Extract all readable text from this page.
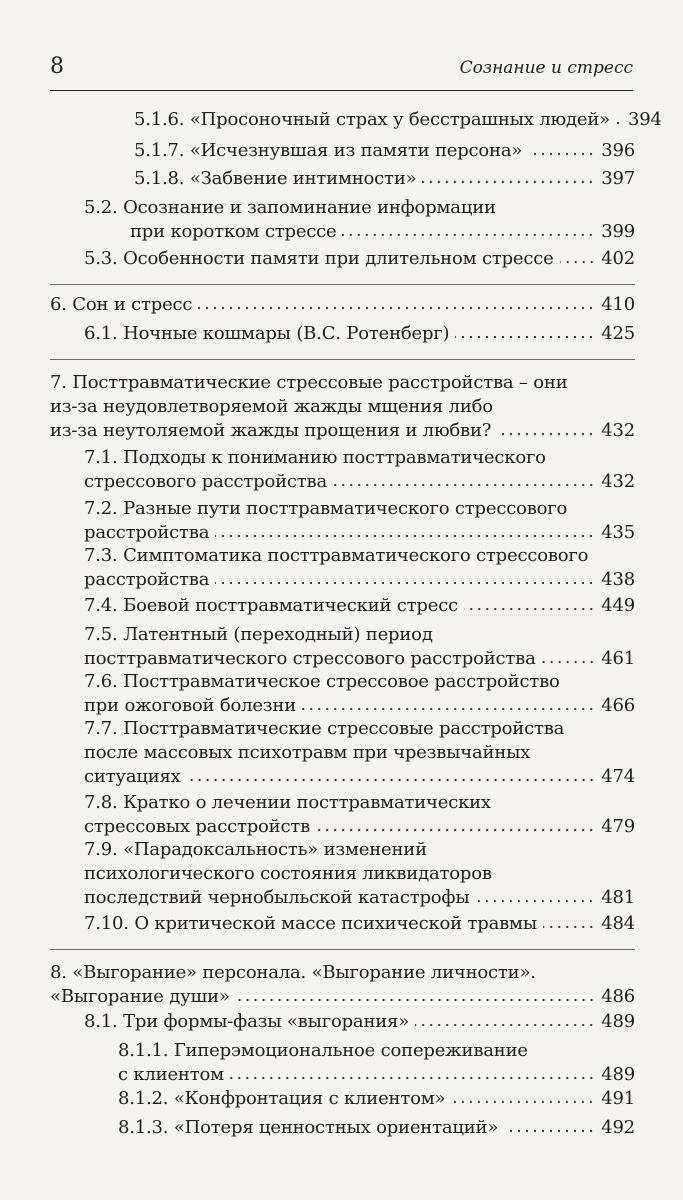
8	Сознание и стресс
5.1.6. «Просоночный страх у бесстрашных людей» 394
5.1.7. «Исчезнувшая из памяти персона»	396
5.1.8. «Забвение интимности»	397
5.2. Осознание и запоминание информации
при коротком стрессе	399
5.3. Особенности памяти при длительном стрессе	402
6. Сон и стресс	410
6.1. Ночные кошмары (В.С. Ротенберг)	425
7. Посттравматические стрессовые расстройства – они
из-за неудовлетворяемой жажды мщения либо
из-за неутоляемой жажды прощения и любви?	432
7.1. Подходы к пониманию посттравматического
стрессового расстройства	432
7.2. Разные пути посттравматического стрессового
расстройства	435
7.3. Симптоматика посттравматического стрессового
расстройства	438
7.4. Боевой посттравматический стресс	449
7.5. Латентный (переходный) период
посттравматического стрессового расстройства	461
7.6. Посттравматическое стрессовое расстройство
при ожоговой болезни	466
7.7. Посттравматические стрессовые расстройства
после массовых психотравм при чрезвычайных
ситуациях	474
7.8. Кратко о лечении посттравматических
стрессовых расстройств	479
7.9. «Парадоксальность» изменений
психологического состояния ликвидаторов
последствий чернобыльской катастрофы	481
7.10. О критической массе психической травмы	484
8. «Выгорание» персонала. «Выгорание личности».
«Выгорание души»	486
8.1. Три формы-фазы «выгорания»	489
8.1.1. Гиперэмоциональное сопереживание
с клиентом	489
8.1.2. «Конфронтация с клиентом»	491
8.1.3. «Потеря ценностных ориентаций»	492
